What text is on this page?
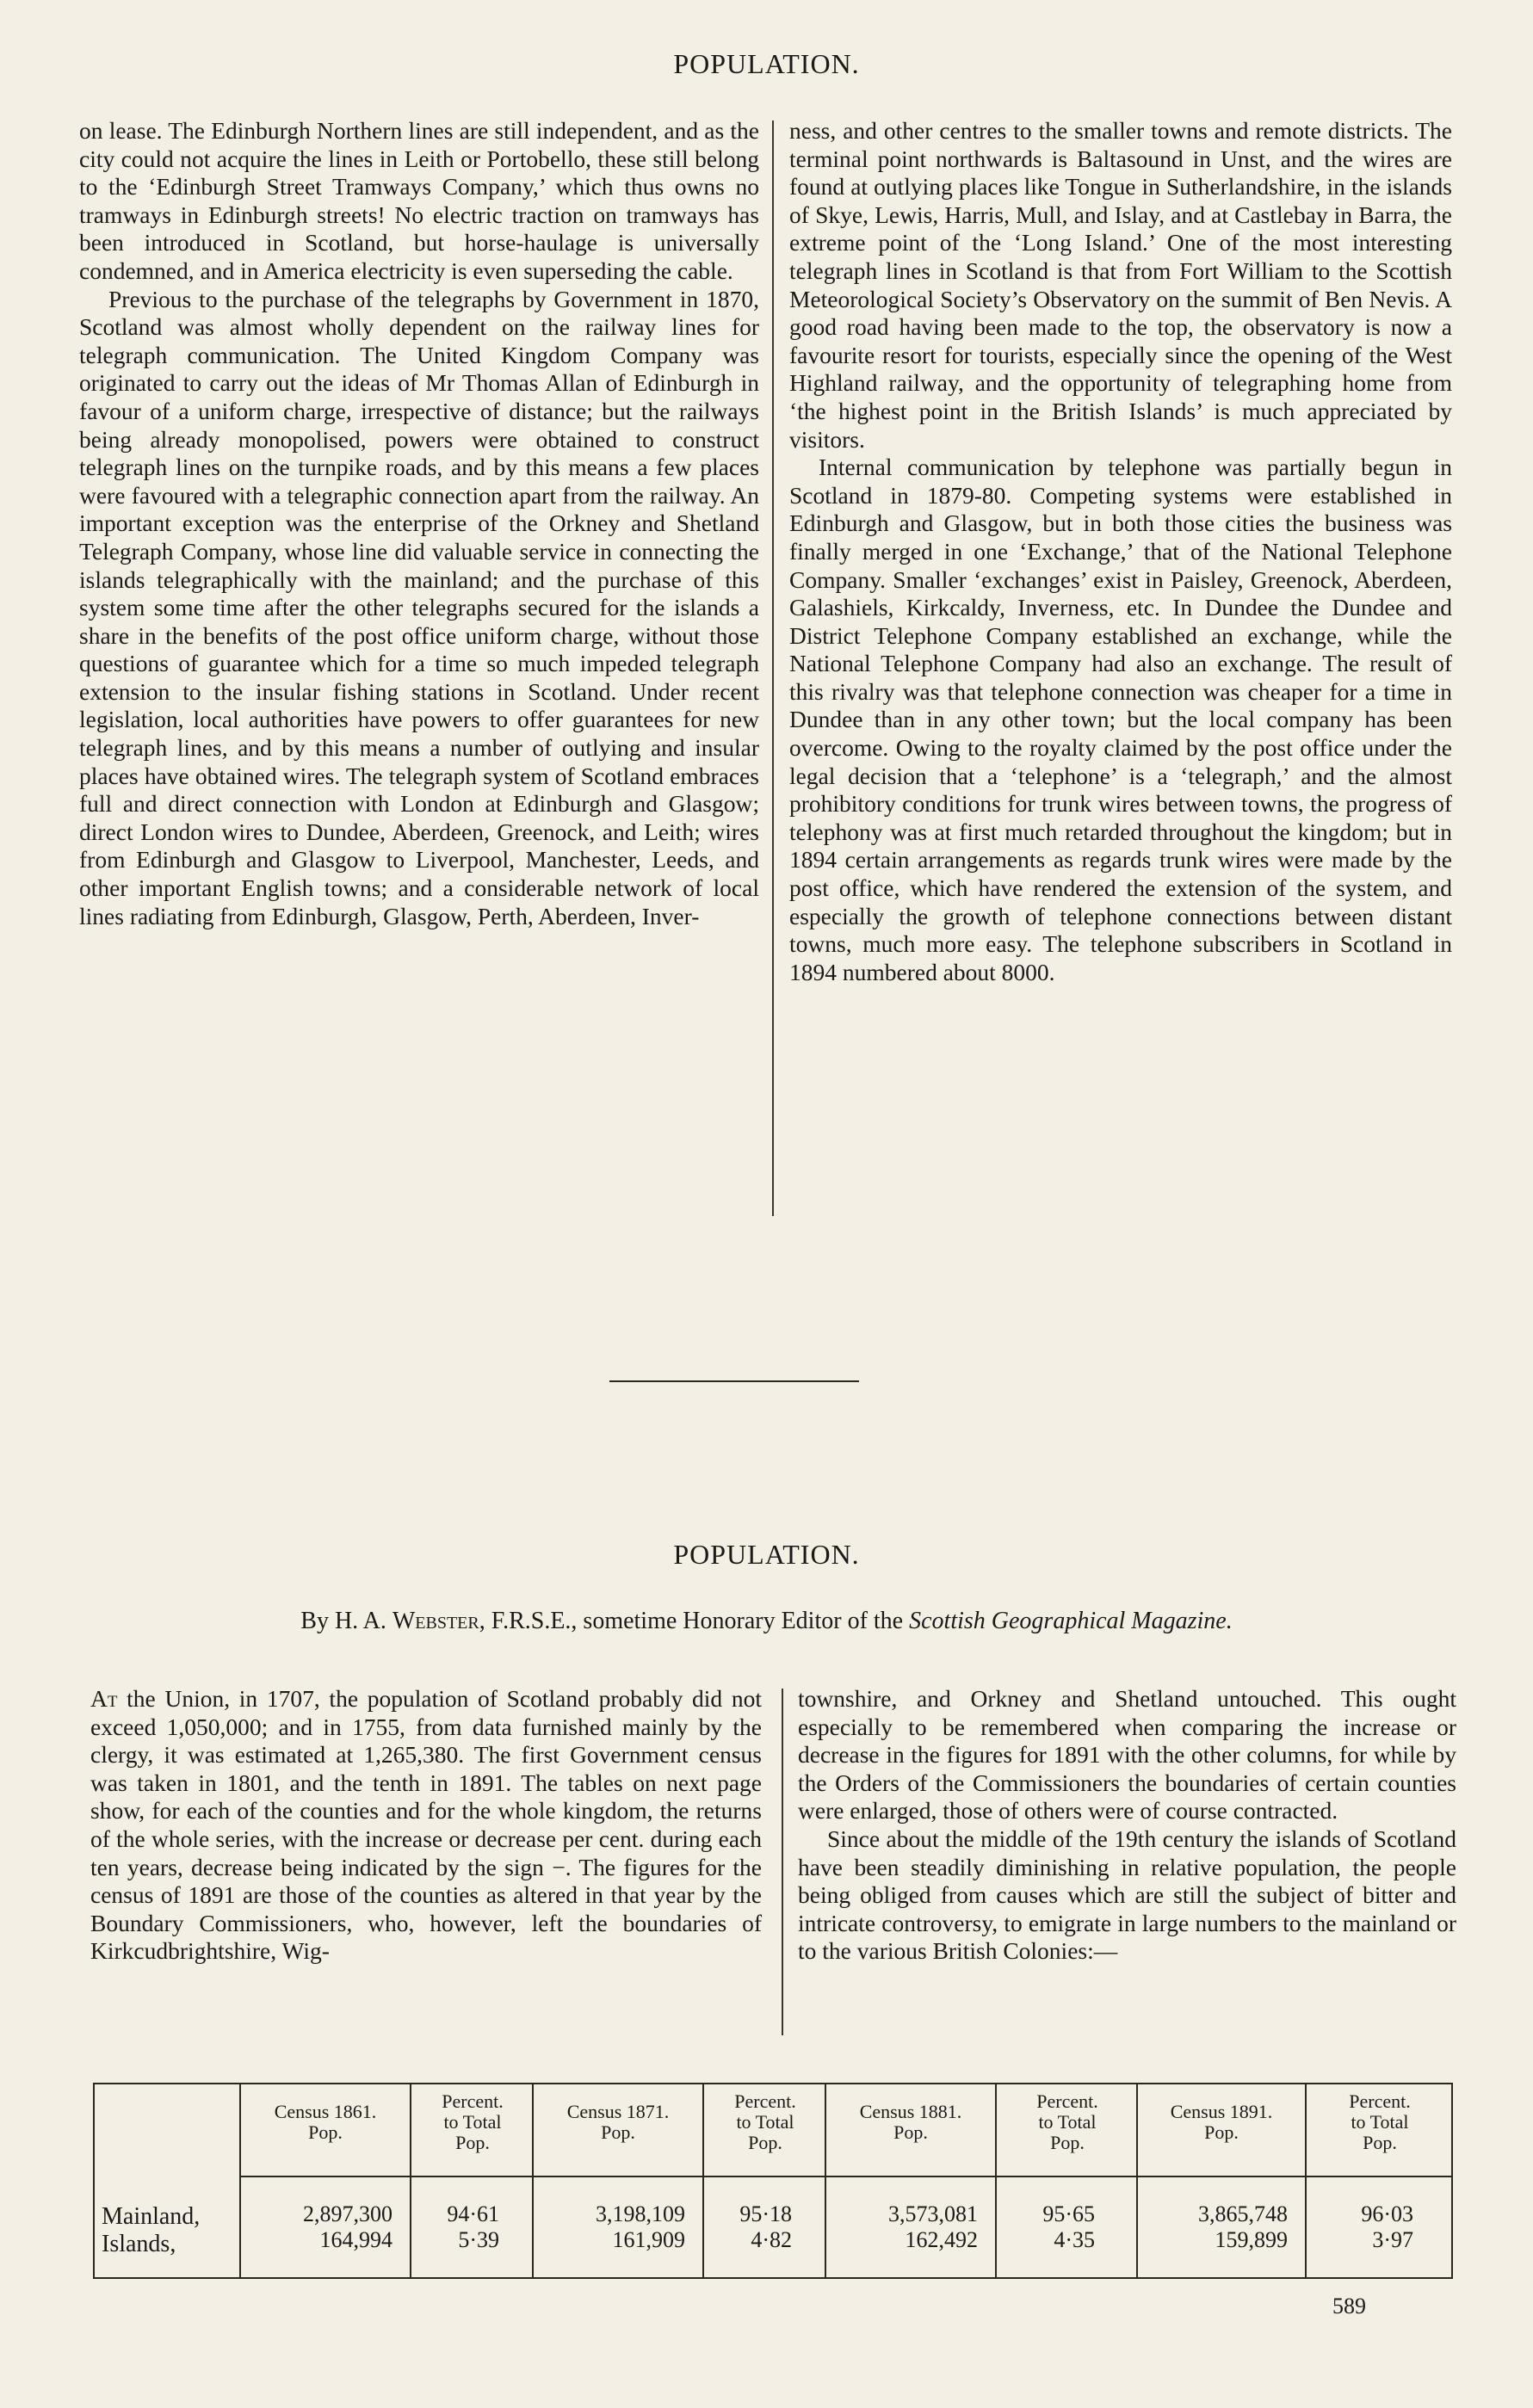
POPULATION.

on lease. The Edinburgh Northern lines are still independent, and as the city could not acquire the lines in Leith or Portobello, these still belong to the ‘Edinburgh Street Tramways Company,’ which thus owns no tramways in Edinburgh streets! No electric traction on tramways has been introduced in Scotland, but horse-haulage is universally condemned, and in America electricity is even superseding the cable.

Previous to the purchase of the telegraphs by Government in 1870, Scotland was almost wholly dependent on the railway lines for telegraph communication. The United Kingdom Company was originated to carry out the ideas of Mr Thomas Allan of Edinburgh in favour of a uniform charge, irrespective of distance; but the railways being already monopolised, powers were obtained to construct telegraph lines on the turnpike roads, and by this means a few places were favoured with a telegraphic connection apart from the railway. An important exception was the enterprise of the Orkney and Shetland Telegraph Company, whose line did valuable service in connecting the islands telegraphically with the mainland; and the purchase of this system some time after the other telegraphs secured for the islands a share in the benefits of the post office uniform charge, without those questions of guarantee which for a time so much impeded telegraph extension to the insular fishing stations in Scotland. Under recent legislation, local authorities have powers to offer guarantees for new telegraph lines, and by this means a number of outlying and insular places have obtained wires. The telegraph system of Scotland embraces full and direct connection with London at Edinburgh and Glasgow; direct London wires to Dundee, Aberdeen, Greenock, and Leith; wires from Edinburgh and Glasgow to Liverpool, Manchester, Leeds, and other important English towns; and a considerable network of local lines radiating from Edinburgh, Glasgow, Perth, Aberdeen, Inver-

ness, and other centres to the smaller towns and remote districts. The terminal point northwards is Baltasound in Unst, and the wires are found at outlying places like Tongue in Sutherlandshire, in the islands of Skye, Lewis, Harris, Mull, and Islay, and at Castlebay in Barra, the extreme point of the ‘Long Island.’ One of the most interesting telegraph lines in Scotland is that from Fort William to the Scottish Meteorological Society’s Observatory on the summit of Ben Nevis. A good road having been made to the top, the observatory is now a favourite resort for tourists, especially since the opening of the West Highland railway, and the opportunity of telegraphing home from ‘the highest point in the British Islands’ is much appreciated by visitors.

Internal communication by telephone was partially begun in Scotland in 1879-80. Competing systems were established in Edinburgh and Glasgow, but in both those cities the business was finally merged in one ‘Exchange,’ that of the National Telephone Company. Smaller ‘exchanges’ exist in Paisley, Greenock, Aberdeen, Galashiels, Kirkcaldy, Inverness, etc. In Dundee the Dundee and District Telephone Company established an exchange, while the National Telephone Company had also an exchange. The result of this rivalry was that telephone connection was cheaper for a time in Dundee than in any other town; but the local company has been overcome. Owing to the royalty claimed by the post office under the legal decision that a ‘telephone’ is a ‘telegraph,’ and the almost prohibitory conditions for trunk wires between towns, the progress of telephony was at first much retarded throughout the kingdom; but in 1894 certain arrangements as regards trunk wires were made by the post office, which have rendered the extension of the system, and especially the growth of telephone connections between distant towns, much more easy. The telephone subscribers in Scotland in 1894 numbered about 8000.

POPULATION.
By H. A. Webster, F.R.S.E., sometime Honorary Editor of the Scottish Geographical Magazine.

At the Union, in 1707, the population of Scotland probably did not exceed 1,050,000; and in 1755, from data furnished mainly by the clergy, it was estimated at 1,265,380. The first Government census was taken in 1801, and the tenth in 1891. The tables on next page show, for each of the counties and for the whole kingdom, the returns of the whole series, with the increase or decrease per cent. during each ten years, decrease being indicated by the sign −. The figures for the census of 1891 are those of the counties as altered in that year by the Boundary Commissioners, who, however, left the boundaries of Kirkcudbrightshire, Wig-

townshire, and Orkney and Shetland untouched. This ought especially to be remembered when comparing the increase or decrease in the figures for 1891 with the other columns, for while by the Orders of the Commissioners the boundaries of certain counties were enlarged, those of others were of course contracted.

Since about the middle of the 19th century the islands of Scotland have been steadily diminishing in relative population, the people being obliged from causes which are still the subject of bitter and intricate controversy, to emigrate in large numbers to the mainland or to the various British Colonies:—

Mainland,
Islands,
Census 1861.
Pop.
Percent.
to Total
Pop.
2,897,300
164,994
94·61
5·39
Census 1871.
Pop.
Percent.
to Total
Pop.
3,198,109
161,909
95·18
4·82
Census 1881.
Pop.
Percent.
to Total
Pop.
3,573,081
162,492
95·65
4·35
Census 1891.
Pop.
Percent.
to Total
Pop.
3,865,748
159,899
96·03
3·97
589
